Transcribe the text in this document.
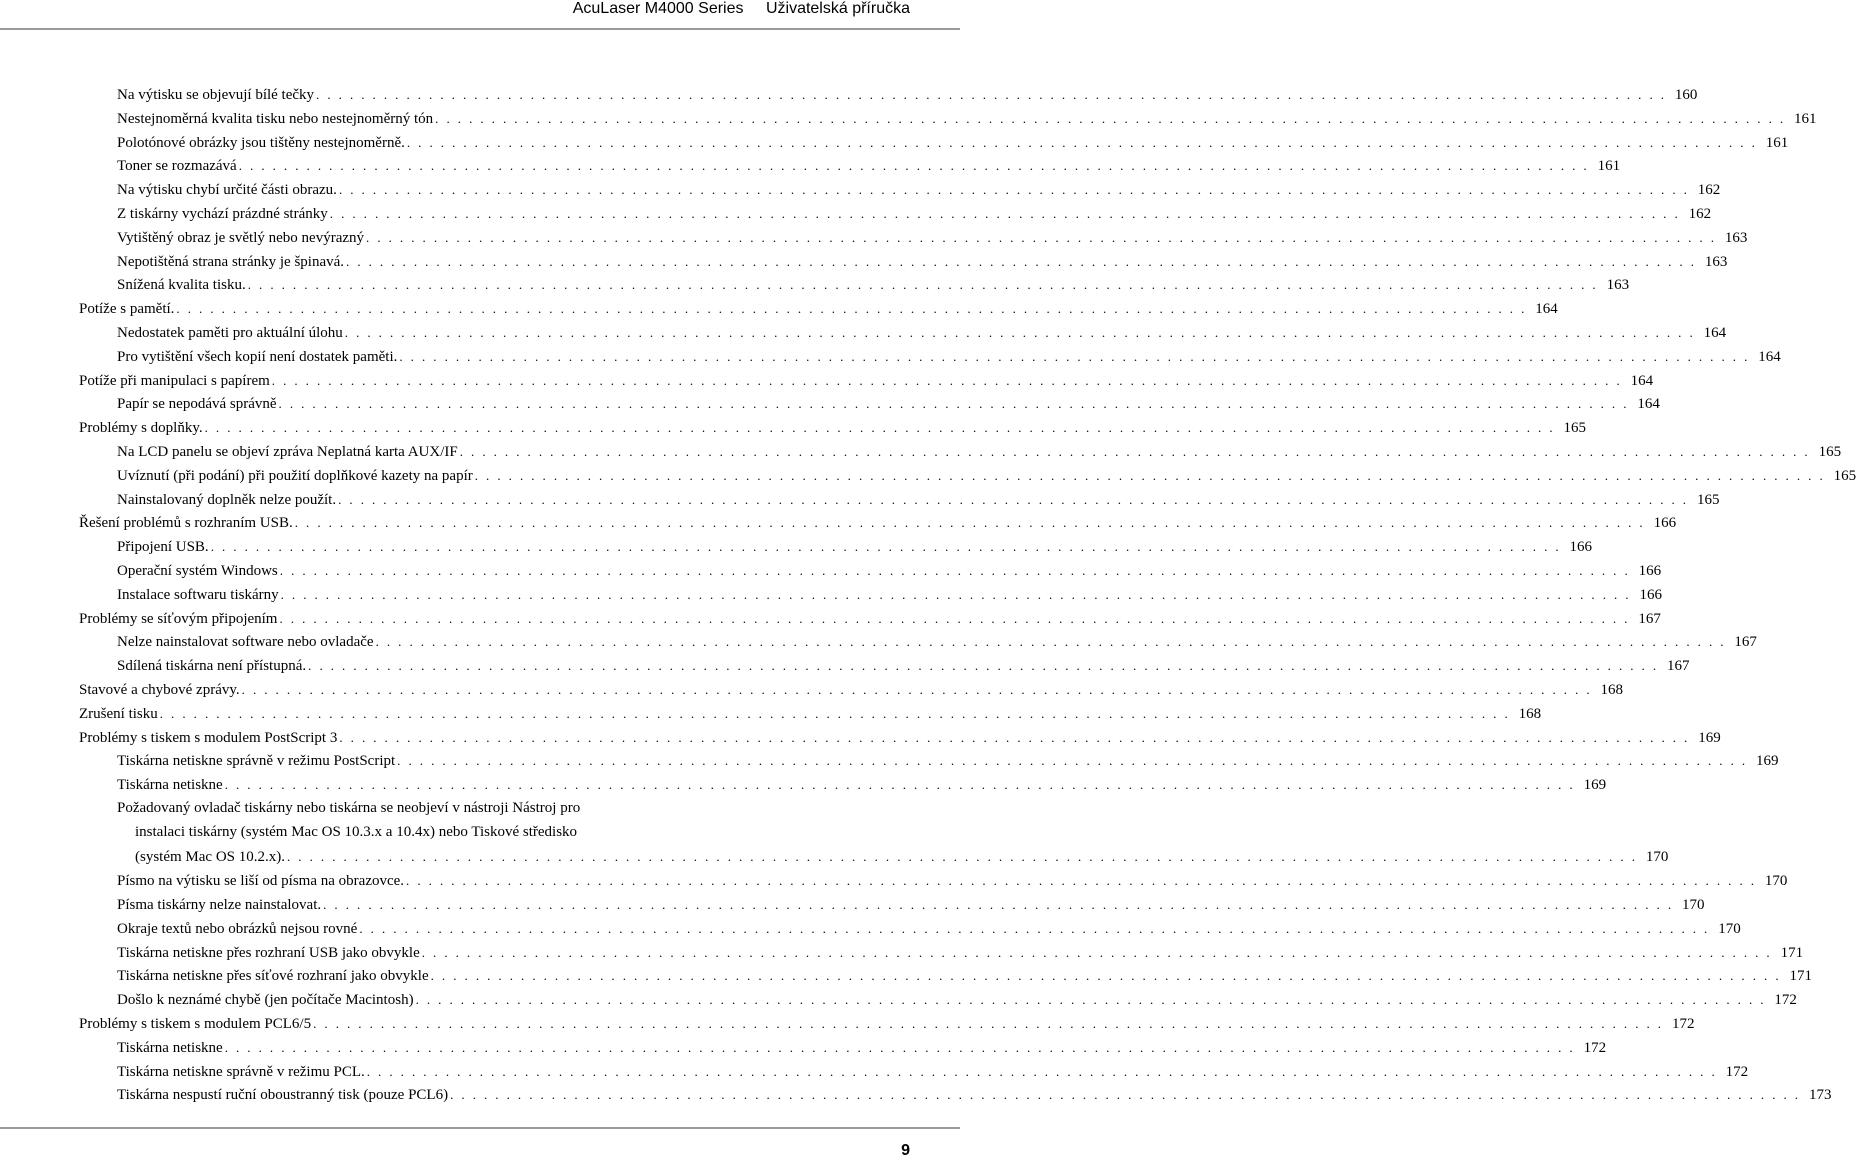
AcuLaser M4000 Series Uživatelská příručka
Na výtisku se objevují bílé tečky . . . . . . . . . . . . . . . . . . . . . . . . . . . . . . . . . . . . . . . . . . . . . . . . . . . . . . . . . . . . . . . . . . . . . . . . . . . . . . . . . . . . . . . . . . . . . . . . . . . . . . . . . . . . . . . . . . . . . . . . 160
Nestejnoměrná kvalita tisku nebo nestejnoměrný tón . . . . . . . . . . . . . . . . . . . . . . . . . . . . . . . . . . . . . . . . . . . . . . . . . . . . . . . . . . . . . . . . . . . . . . . . . . . . . . . . . . . . . . . . . . . . . . . . . . . . . . . . . . . . . . . . . . . . . . . . 161
Polotónové obrázky jsou tištěny nestejnoměrně. . . . . . . . . . . . . . . . . . . . . . . . . . . . . . . . . . . . . . . . . . . . . . . . . . . . . . . . . . . . . . . . . . . . . . . . . . . . . . . . . . . . . . . . . . . . . . . . . . . . . . . . . . . . . . . . . . . . . . . . . 161
Toner se rozmazává . . . . . . . . . . . . . . . . . . . . . . . . . . . . . . . . . . . . . . . . . . . . . . . . . . . . . . . . . . . . . . . . . . . . . . . . . . . . . . . . . . . . . . . . . . . . . . . . . . . . . . . . . . . . . . . . . . . . . . . . 161
Na výtisku chybí určité části obrazu. . . . . . . . . . . . . . . . . . . . . . . . . . . . . . . . . . . . . . . . . . . . . . . . . . . . . . . . . . . . . . . . . . . . . . . . . . . . . . . . . . . . . . . . . . . . . . . . . . . . . . . . . . . . . . . . . . . . . . . . . 162
Z tiskárny vychází prázdné stránky . . . . . . . . . . . . . . . . . . . . . . . . . . . . . . . . . . . . . . . . . . . . . . . . . . . . . . . . . . . . . . . . . . . . . . . . . . . . . . . . . . . . . . . . . . . . . . . . . . . . . . . . . . . . . . . . . . . . . . . . 162
Vytištěný obraz je světlý nebo nevýrazný . . . . . . . . . . . . . . . . . . . . . . . . . . . . . . . . . . . . . . . . . . . . . . . . . . . . . . . . . . . . . . . . . . . . . . . . . . . . . . . . . . . . . . . . . . . . . . . . . . . . . . . . . . . . . . . . . . . . . . . . 163
Nepotištěná strana stránky je špinavá. . . . . . . . . . . . . . . . . . . . . . . . . . . . . . . . . . . . . . . . . . . . . . . . . . . . . . . . . . . . . . . . . . . . . . . . . . . . . . . . . . . . . . . . . . . . . . . . . . . . . . . . . . . . . . . . . . . . . . . . . 163
Snížená kvalita tisku. . . . . . . . . . . . . . . . . . . . . . . . . . . . . . . . . . . . . . . . . . . . . . . . . . . . . . . . . . . . . . . . . . . . . . . . . . . . . . . . . . . . . . . . . . . . . . . . . . . . . . . . . . . . . . . . . . . . . . . . . 163
Potíže s pamětí. . . . . . . . . . . . . . . . . . . . . . . . . . . . . . . . . . . . . . . . . . . . . . . . . . . . . . . . . . . . . . . . . . . . . . . . . . . . . . . . . . . . . . . . . . . . . . . . . . . . . . . . . . . . . . . . . . . . . . . . . 164
Nedostatek paměti pro aktuální úlohu . . . . . . . . . . . . . . . . . . . . . . . . . . . . . . . . . . . . . . . . . . . . . . . . . . . . . . . . . . . . . . . . . . . . . . . . . . . . . . . . . . . . . . . . . . . . . . . . . . . . . . . . . . . . . . . . . . . . . . . . 164
Pro vytištění všech kopií není dostatek paměti. . . . . . . . . . . . . . . . . . . . . . . . . . . . . . . . . . . . . . . . . . . . . . . . . . . . . . . . . . . . . . . . . . . . . . . . . . . . . . . . . . . . . . . . . . . . . . . . . . . . . . . . . . . . . . . . . . . . . . . . . 164
Potíže při manipulaci s papírem . . . . . . . . . . . . . . . . . . . . . . . . . . . . . . . . . . . . . . . . . . . . . . . . . . . . . . . . . . . . . . . . . . . . . . . . . . . . . . . . . . . . . . . . . . . . . . . . . . . . . . . . . . . . . . . . . . . . . . . . 164
Papír se nepodává správně . . . . . . . . . . . . . . . . . . . . . . . . . . . . . . . . . . . . . . . . . . . . . . . . . . . . . . . . . . . . . . . . . . . . . . . . . . . . . . . . . . . . . . . . . . . . . . . . . . . . . . . . . . . . . . . . . . . . . . . . 164
Problémy s doplňky. . . . . . . . . . . . . . . . . . . . . . . . . . . . . . . . . . . . . . . . . . . . . . . . . . . . . . . . . . . . . . . . . . . . . . . . . . . . . . . . . . . . . . . . . . . . . . . . . . . . . . . . . . . . . . . . . . . . . . . . . 165
Na LCD panelu se objeví zpráva Neplatná karta AUX/IF . . . . . . . . . . . . . . . . . . . . . . . . . . . . . . . . . . . . . . . . . . . . . . . . . . . . . . . . . . . . . . . . . . . . . . . . . . . . . . . . . . . . . . . . . . . . . . . . . . . . . . . . . . . . . . . . . . . . . . . . 165
Uvíznutí (při podání) při použití doplňkové kazety na papír . . . . . . . . . . . . . . . . . . . . . . . . . . . . . . . . . . . . . . . . . . . . . . . . . . . . . . . . . . . . . . . . . . . . . . . . . . . . . . . . . . . . . . . . . . . . . . . . . . . . . . . . . . . . . . . . . . . . . . . . 165
Nainstalovaný doplněk nelze použít. . . . . . . . . . . . . . . . . . . . . . . . . . . . . . . . . . . . . . . . . . . . . . . . . . . . . . . . . . . . . . . . . . . . . . . . . . . . . . . . . . . . . . . . . . . . . . . . . . . . . . . . . . . . . . . . . . . . . . . . . 165
Řešení problémů s rozhraním USB. . . . . . . . . . . . . . . . . . . . . . . . . . . . . . . . . . . . . . . . . . . . . . . . . . . . . . . . . . . . . . . . . . . . . . . . . . . . . . . . . . . . . . . . . . . . . . . . . . . . . . . . . . . . . . . . . . . . . . . . . 166
Připojení USB. . . . . . . . . . . . . . . . . . . . . . . . . . . . . . . . . . . . . . . . . . . . . . . . . . . . . . . . . . . . . . . . . . . . . . . . . . . . . . . . . . . . . . . . . . . . . . . . . . . . . . . . . . . . . . . . . . . . . . . . . 166
Operační systém Windows . . . . . . . . . . . . . . . . . . . . . . . . . . . . . . . . . . . . . . . . . . . . . . . . . . . . . . . . . . . . . . . . . . . . . . . . . . . . . . . . . . . . . . . . . . . . . . . . . . . . . . . . . . . . . . . . . . . . . . . . 166
Instalace softwaru tiskárny . . . . . . . . . . . . . . . . . . . . . . . . . . . . . . . . . . . . . . . . . . . . . . . . . . . . . . . . . . . . . . . . . . . . . . . . . . . . . . . . . . . . . . . . . . . . . . . . . . . . . . . . . . . . . . . . . . . . . . . . 166
Problémy se síťovým připojením . . . . . . . . . . . . . . . . . . . . . . . . . . . . . . . . . . . . . . . . . . . . . . . . . . . . . . . . . . . . . . . . . . . . . . . . . . . . . . . . . . . . . . . . . . . . . . . . . . . . . . . . . . . . . . . . . . . . . . . . 167
Nelze nainstalovat software nebo ovladače . . . . . . . . . . . . . . . . . . . . . . . . . . . . . . . . . . . . . . . . . . . . . . . . . . . . . . . . . . . . . . . . . . . . . . . . . . . . . . . . . . . . . . . . . . . . . . . . . . . . . . . . . . . . . . . . . . . . . . . . 167
Sdílená tiskárna není přístupná. . . . . . . . . . . . . . . . . . . . . . . . . . . . . . . . . . . . . . . . . . . . . . . . . . . . . . . . . . . . . . . . . . . . . . . . . . . . . . . . . . . . . . . . . . . . . . . . . . . . . . . . . . . . . . . . . . . . . . . . . 167
Stavové a chybové zprávy. . . . . . . . . . . . . . . . . . . . . . . . . . . . . . . . . . . . . . . . . . . . . . . . . . . . . . . . . . . . . . . . . . . . . . . . . . . . . . . . . . . . . . . . . . . . . . . . . . . . . . . . . . . . . . . . . . . . . . . . . 168
Zrušení tisku . . . . . . . . . . . . . . . . . . . . . . . . . . . . . . . . . . . . . . . . . . . . . . . . . . . . . . . . . . . . . . . . . . . . . . . . . . . . . . . . . . . . . . . . . . . . . . . . . . . . . . . . . . . . . . . . . . . . . . . . 168
Problémy s tiskem s modulem PostScript 3 . . . . . . . . . . . . . . . . . . . . . . . . . . . . . . . . . . . . . . . . . . . . . . . . . . . . . . . . . . . . . . . . . . . . . . . . . . . . . . . . . . . . . . . . . . . . . . . . . . . . . . . . . . . . . . . . . . . . . . . . 169
Tiskárna netiskne správně v režimu PostScript . . . . . . . . . . . . . . . . . . . . . . . . . . . . . . . . . . . . . . . . . . . . . . . . . . . . . . . . . . . . . . . . . . . . . . . . . . . . . . . . . . . . . . . . . . . . . . . . . . . . . . . . . . . . . . . . . . . . . . . . 169
Tiskárna netiskne . . . . . . . . . . . . . . . . . . . . . . . . . . . . . . . . . . . . . . . . . . . . . . . . . . . . . . . . . . . . . . . . . . . . . . . . . . . . . . . . . . . . . . . . . . . . . . . . . . . . . . . . . . . . . . . . . . . . . . . . 169
Požadovaný ovladač tiskárny nebo tiskárna se neobjeví v nástroji Nástroj pro
instalaci tiskárny (systém Mac OS 10.3.x a 10.4x) nebo Tiskové středisko
(systém Mac OS 10.2.x). . . . . . . . . . . . . . . . . . . . . . . . . . . . . . . . . . . . . . . . . . . . . . . . . . . . . . . . . . . . . . . . . . . . . . . . . . . . . . . . . . . . . . . . . . . . . . . . . . . . . . . . . . . . . . . . . . . . . . . . . 170
Písmo na výtisku se liší od písma na obrazovce. . . . . . . . . . . . . . . . . . . . . . . . . . . . . . . . . . . . . . . . . . . . . . . . . . . . . . . . . . . . . . . . . . . . . . . . . . . . . . . . . . . . . . . . . . . . . . . . . . . . . . . . . . . . . . . . . . . . . . . . . 170
Písma tiskárny nelze nainstalovat. . . . . . . . . . . . . . . . . . . . . . . . . . . . . . . . . . . . . . . . . . . . . . . . . . . . . . . . . . . . . . . . . . . . . . . . . . . . . . . . . . . . . . . . . . . . . . . . . . . . . . . . . . . . . . . . . . . . . . . . . 170
Okraje textů nebo obrázků nejsou rovné . . . . . . . . . . . . . . . . . . . . . . . . . . . . . . . . . . . . . . . . . . . . . . . . . . . . . . . . . . . . . . . . . . . . . . . . . . . . . . . . . . . . . . . . . . . . . . . . . . . . . . . . . . . . . . . . . . . . . . . . 170
Tiskárna netiskne přes rozhraní USB jako obvykle . . . . . . . . . . . . . . . . . . . . . . . . . . . . . . . . . . . . . . . . . . . . . . . . . . . . . . . . . . . . . . . . . . . . . . . . . . . . . . . . . . . . . . . . . . . . . . . . . . . . . . . . . . . . . . . . . . . . . . . . 171
Tiskárna netiskne přes síťové rozhraní jako obvykle . . . . . . . . . . . . . . . . . . . . . . . . . . . . . . . . . . . . . . . . . . . . . . . . . . . . . . . . . . . . . . . . . . . . . . . . . . . . . . . . . . . . . . . . . . . . . . . . . . . . . . . . . . . . . . . . . . . . . . . . 171
Došlo k neznámé chybě (jen počítače Macintosh) . . . . . . . . . . . . . . . . . . . . . . . . . . . . . . . . . . . . . . . . . . . . . . . . . . . . . . . . . . . . . . . . . . . . . . . . . . . . . . . . . . . . . . . . . . . . . . . . . . . . . . . . . . . . . . . . . . . . . . . . 172
Problémy s tiskem s modulem PCL6/5 . . . . . . . . . . . . . . . . . . . . . . . . . . . . . . . . . . . . . . . . . . . . . . . . . . . . . . . . . . . . . . . . . . . . . . . . . . . . . . . . . . . . . . . . . . . . . . . . . . . . . . . . . . . . . . . . . . . . . . . . 172
Tiskárna netiskne . . . . . . . . . . . . . . . . . . . . . . . . . . . . . . . . . . . . . . . . . . . . . . . . . . . . . . . . . . . . . . . . . . . . . . . . . . . . . . . . . . . . . . . . . . . . . . . . . . . . . . . . . . . . . . . . . . . . . . . . 172
Tiskárna netiskne správně v režimu PCL. . . . . . . . . . . . . . . . . . . . . . . . . . . . . . . . . . . . . . . . . . . . . . . . . . . . . . . . . . . . . . . . . . . . . . . . . . . . . . . . . . . . . . . . . . . . . . . . . . . . . . . . . . . . . . . . . . . . . . . . . 172
Tiskárna nespustí ruční oboustranný tisk (pouze PCL6) . . . . . . . . . . . . . . . . . . . . . . . . . . . . . . . . . . . . . . . . . . . . . . . . . . . . . . . . . . . . . . . . . . . . . . . . . . . . . . . . . . . . . . . . . . . . . . . . . . . . . . . . . . . . . . . . . . . . . . . . 173
9
